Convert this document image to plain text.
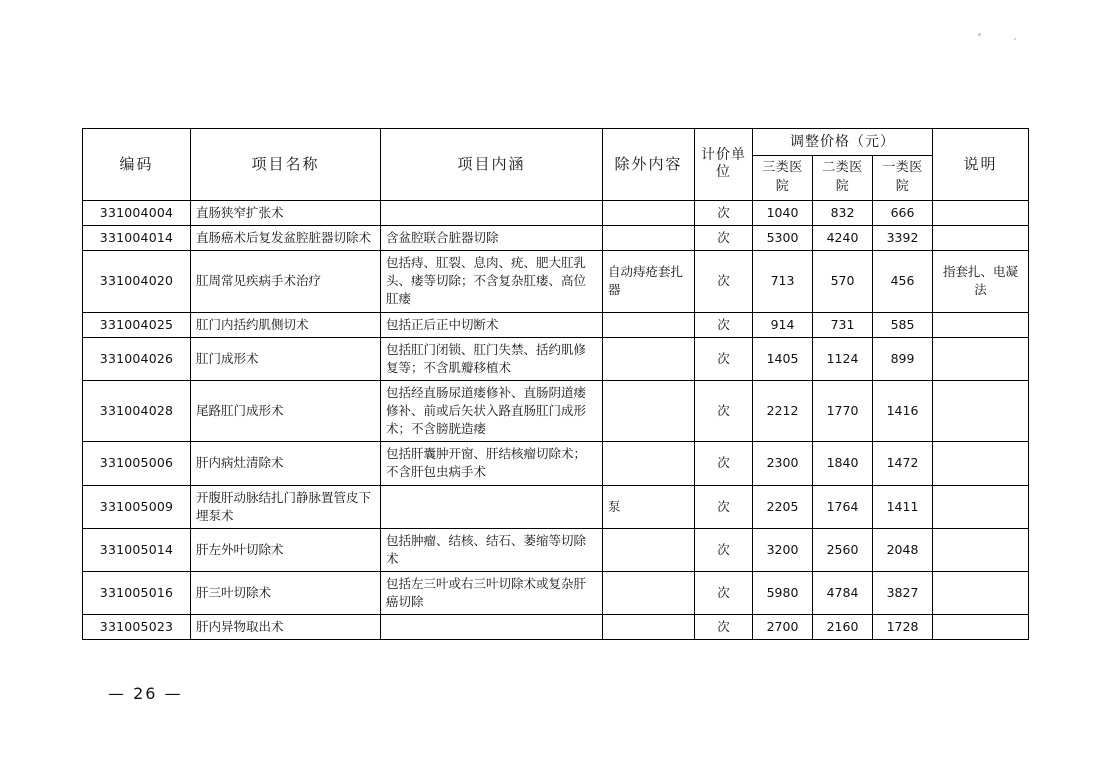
编码	项目名称	项目内涵	除外内容	计价单位	调整价格（元）			说明
					三类医院	二类医院	一类医院	
331004004	直肠狭窄扩张术			次	1040	832	666	
331004014	直肠癌术后复发盆腔脏器切除术	含盆腔联合脏器切除		次	5300	4240	3392	
331004020	肛周常见疾病手术治疗	包括痔、肛裂、息肉、疣、肥大肛乳头、瘘等切除；不含复杂肛瘘、高位肛瘘	自动痔疮套扎器	次	713	570	456	指套扎、电凝法
331004025	肛门内括约肌侧切术	包括正后正中切断术		次	914	731	585	
331004026	肛门成形术	包括肛门闭锁、肛门失禁、括约肌修复等；不含肌瓣移植术		次	1405	1124	899	
331004028	尾路肛门成形术	包括经直肠尿道瘘修补、直肠阴道瘘修补、前或后矢状入路直肠肛门成形术；不含膀胱造瘘		次	2212	1770	1416	
331005006	肝内病灶清除术	包括肝囊肿开窗、肝结核瘤切除术；不含肝包虫病手术		次	2300	1840	1472	
331005009	开腹肝动脉结扎门静脉置管皮下埋泵术		泵	次	2205	1764	1411	
331005014	肝左外叶切除术	包括肿瘤、结核、结石、萎缩等切除术		次	3200	2560	2048	
331005016	肝三叶切除术	包括左三叶或右三叶切除术或复杂肝癌切除		次	5980	4784	3827	
331005023	肝内异物取出术			次	2700	2160	1728	
— 26 —
